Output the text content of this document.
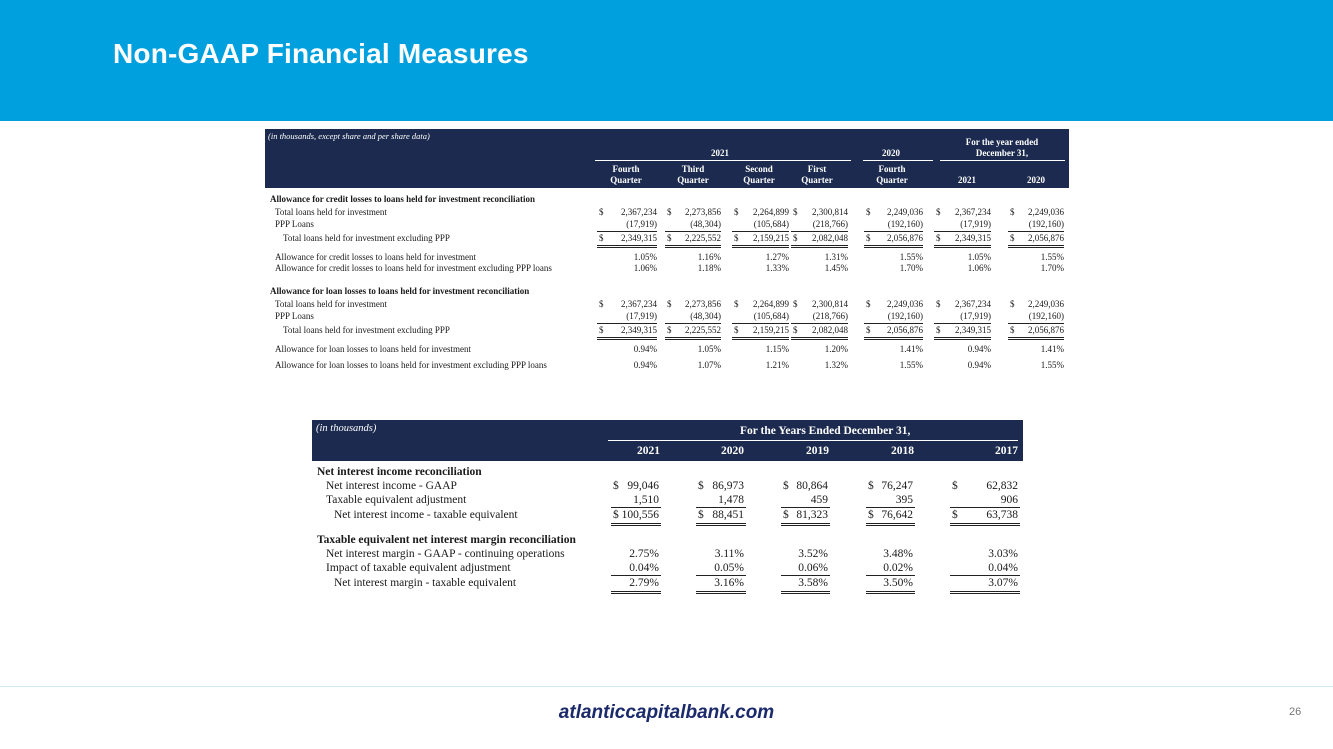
Non-GAAP Financial Measures
(in thousands, except share and per share data)
2021	2020
For the year ended
December 31,
Fourth
Quarter
Third
Quarter
Second
Quarter
First
Quarter
Fourth
Quarter	2021	2020
Allowance for credit losses to loans held for investment reconciliation
Total loans held for investment	$ 2,367,234 $ 2,273,856 $ 2,264,899 $ 2,300,814 $ 2,249,036 $ 2,367,234 $ 2,249,036
PPP Loans	(17,919)	(48,304)	(105,684)	(218,766)	(192,160)	(17,919)	(192,160)
Total loans held for investment excluding PPP	$ 2,349,315 $ 2,225,552 $ 2,159,215 $ 2,082,048 $ 2,056,876 $ 2,349,315 $ 2,056,876
Allowance for credit losses to loans held for investment	1.05%	1.16%	1.27%	1.31%	1.55%	1.05%	1.55%
Allowance for credit losses to loans held for investment excluding PPP loans	1.06%	1.18%	1.33%	1.45%	1.70%	1.06%	1.70%
Allowance for loan losses to loans held for investment reconciliation
Total loans held for investment	$ 2,367,234 $ 2,273,856 $ 2,264,899 $ 2,300,814 $ 2,249,036 $ 2,367,234 $ 2,249,036
PPP Loans	(17,919)	(48,304)	(105,684)	(218,766)	(192,160)	(17,919)	(192,160)
Total loans held for investment excluding PPP	$ 2,349,315 $ 2,225,552 $ 2,159,215 $ 2,082,048 $ 2,056,876 $ 2,349,315 $ 2,056,876
Allowance for loan losses to loans held for investment	0.94%	1.05%	1.15%	1.20%	1.41%	0.94%	1.41%
Allowance for loan losses to loans held for investment excluding PPP loans	0.94%	1.07%	1.21%	1.32%	1.55%	0.94%	1.55%
(in thousands)	For the Years Ended December 31,
2021	2020	2019	2018	2017
Net interest income reconciliation
Net interest income - GAAP	$ 99,046	$ 86,973	$ 80,864	$ 76,247	$ 62,832
Taxable equivalent adjustment	1,510	1,478	459	395	906
Net interest income - taxable equivalent	$ 100,556	$ 88,451	$ 81,323	$ 76,642	$ 63,738
Taxable equivalent net interest margin reconciliation
Net interest margin - GAAP - continuing operations	2.75%	3.11%	3.52%	3.48%	3.03%
Impact of taxable equivalent adjustment	0.04%	0.05%	0.06%	0.02%	0.04%
Net interest margin - taxable equivalent	2.79%	3.16%	3.58%	3.50%	3.07%
atlanticcapitalbank.com	26
